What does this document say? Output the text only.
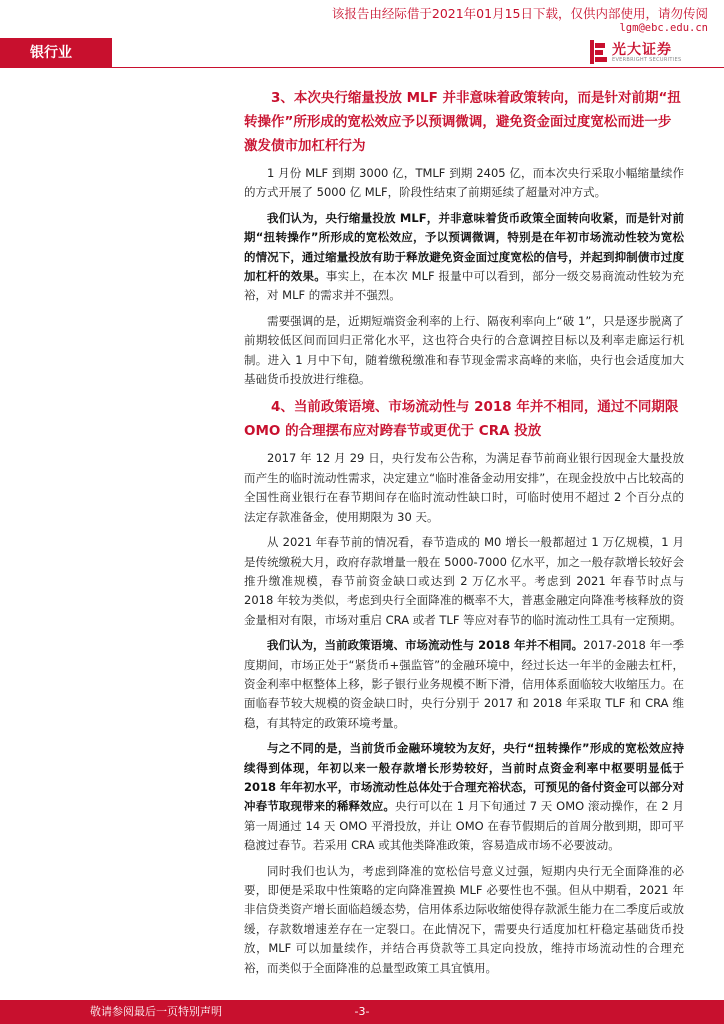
该报告由经际借于2021年01月15日下载，仅供内部使用，请勿传阅
lgm@ebc.edu.cn
银行业	光大证券
EVERBRIGHT SECURITIES
3、本次央行缩量投放 MLF 并非意味着政策转向，而是针对前期“扭转操作”所形成的宽松效应予以预调微调，避免资金面过度宽松而进一步激发债市加杠杆行为

1 月份 MLF 到期 3000 亿，TMLF 到期 2405 亿，而本次央行采取小幅缩量续作的方式开展了 5000 亿 MLF，阶段性结束了前期延续了超量对冲方式。

我们认为，央行缩量投放 MLF，并非意味着货币政策全面转向收紧，而是针对前期“扭转操作”所形成的宽松效应，予以预调微调，特别是在年初市场流动性较为宽松的情况下，通过缩量投放有助于释放避免资金面过度宽松的信号，并起到抑制债市过度加杠杆的效果。事实上，在本次 MLF 报量中可以看到，部分一级交易商流动性较为充裕，对 MLF 的需求并不强烈。

需要强调的是，近期短端资金利率的上行、隔夜利率向上“破 1”，只是逐步脱离了前期较低区间而回归正常化水平，这也符合央行的合意调控目标以及利率走廊运行机制。进入 1 月中下旬，随着缴税缴准和春节现金需求高峰的来临，央行也会适度加大基础货币投放进行维稳。

4、当前政策语境、市场流动性与 2018 年并不相同，通过不同期限 OMO 的合理摆布应对跨春节或更优于 CRA 投放

2017 年 12 月 29 日，央行发布公告称，为满足春节前商业银行因现金大量投放而产生的临时流动性需求，决定建立“临时准备金动用安排”，在现金投放中占比较高的全国性商业银行在春节期间存在临时流动性缺口时，可临时使用不超过 2 个百分点的法定存款准备金，使用期限为 30 天。

从 2021 年春节前的情况看，春节造成的 M0 增长一般都超过 1 万亿规模，1 月是传统缴税大月，政府存款增量一般在 5000-7000 亿水平，加之一般存款增长较好会推升缴准规模，春节前资金缺口或达到 2 万亿水平。考虑到 2021 年春节时点与 2018 年较为类似，考虑到央行全面降准的概率不大，普惠金融定向降准考核释放的资金量相对有限，市场对重启 CRA 或者 TLF 等应对春节的临时流动性工具有一定预期。

我们认为，当前政策语境、市场流动性与 2018 年并不相同。2017-2018 年一季度期间，市场正处于“紧货币+强监管”的金融环境中，经过长达一年半的金融去杠杆，资金利率中枢整体上移，影子银行业务规模不断下滑，信用体系面临较大收缩压力。在面临春节较大规模的资金缺口时，央行分别于 2017 和 2018 年采取 TLF 和 CRA 维稳，有其特定的政策环境考量。

与之不同的是，当前货币金融环境较为友好，央行“扭转操作”形成的宽松效应持续得到体现，年初以来一般存款增长形势较好，当前时点资金利率中枢要明显低于 2018 年年初水平，市场流动性总体处于合理充裕状态，可预见的备付资金可以部分对冲春节取现带来的稀释效应。央行可以在 1 月下旬通过 7 天 OMO 滚动操作，在 2 月第一周通过 14 天 OMO 平滑投放，并让 OMO 在春节假期后的首周分散到期，即可平稳渡过春节。若采用 CRA 或其他类降准政策，容易造成市场不必要波动。

同时我们也认为，考虑到降准的宽松信号意义过强，短期内央行无全面降准的必要，即便是采取中性策略的定向降准置换 MLF 必要性也不强。但从中期看，2021 年非信贷类资产增长面临趋缓态势，信用体系边际收缩使得存款派生能力在二季度后或放缓，存款数增速差存在一定裂口。在此情况下，需要央行适度加杠杆稳定基础货币投放，MLF 可以加量续作，并结合再贷款等工具定向投放，维持市场流动性的合理充裕，而类似于全面降准的总量型政策工具宜慎用。

敬请参阅最后一页特别声明	-3-
